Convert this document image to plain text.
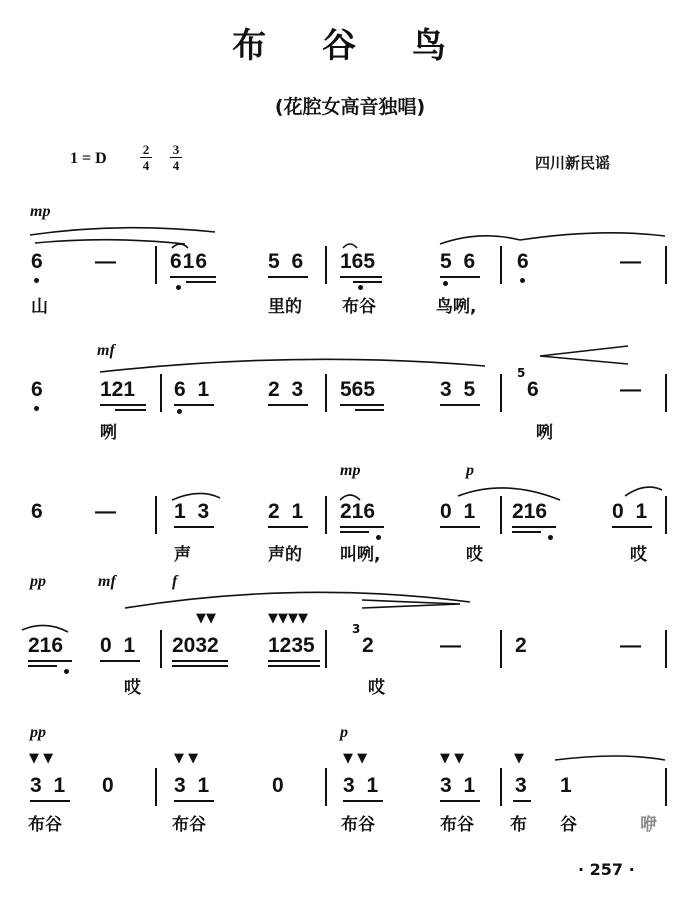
布 谷 鸟
(花腔女高音独唱)
1 = D
2
4
3
4	四川新民谣
mp
6 —	616	5 6 165	5 6 6	—
山	里的 布谷	鸟咧,
mf
6	121 6 1	2 3 565	3 5
5
6	—
咧	咧
mp	p
6 —	1 3	2 1 216	0 1 216	0 1
声	声的 叫咧,	哎	哎
pp	mf	f
▼▼	▼▼▼▼
216 0 1 2032 1235
3
2	—	2	—
哎	哎
pp	p
▼ ▼	▼ ▼	▼ ▼	▼ ▼	▼
3 1 0	3 1	0	3 1	3 1 3 1
布谷	布谷	布谷	布谷 布 谷	咿
· 257 ·
